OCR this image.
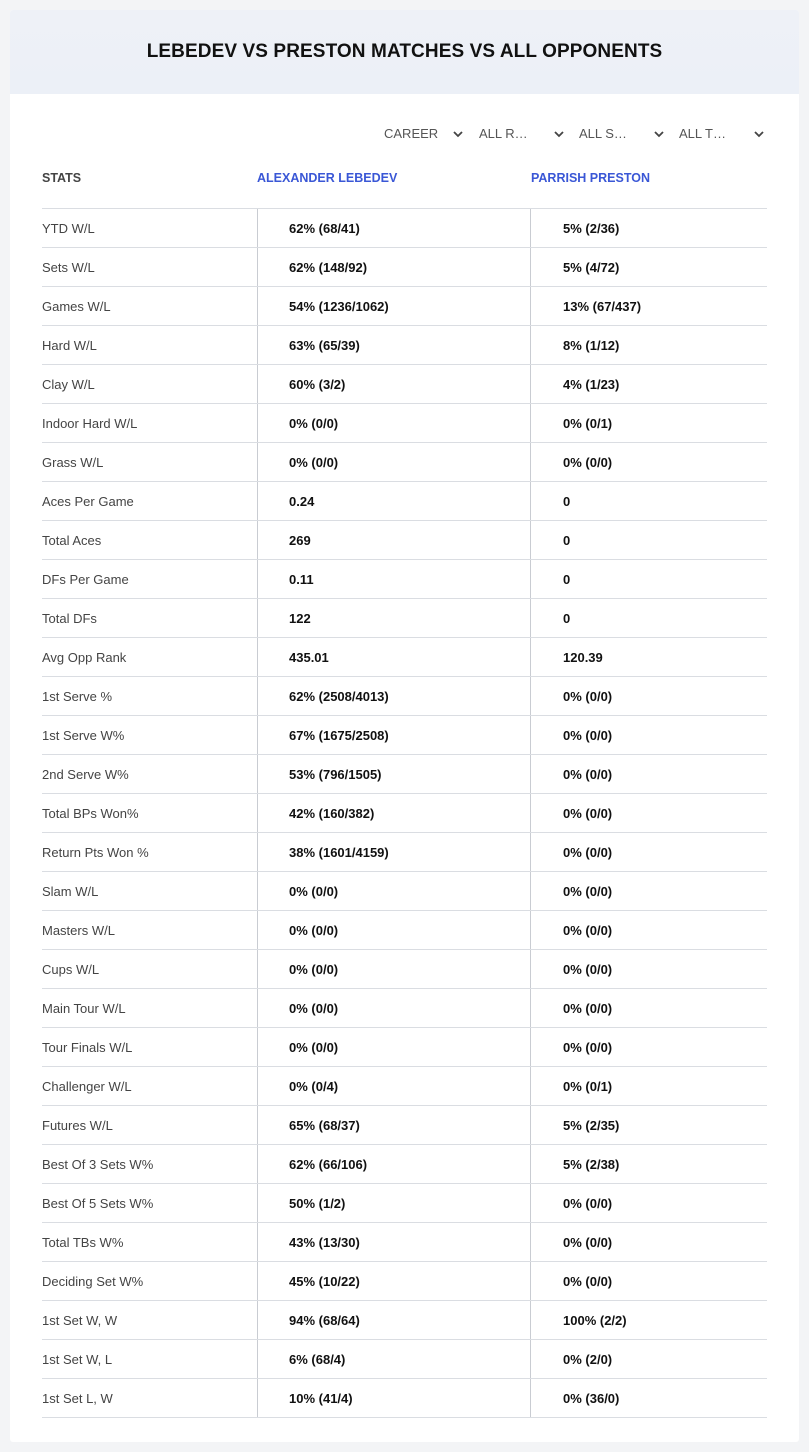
LEBEDEV VS PRESTON MATCHES VS ALL OPPONENTS
CAREER	ALL R…	ALL S…	ALL T…
STATS	ALEXANDER LEBEDEV	PARRISH PRESTON
YTD W/L	62% (68/41)	5% (2/36)
Sets W/L	62% (148/92)	5% (4/72)
Games W/L	54% (1236/1062)	13% (67/437)
Hard W/L	63% (65/39)	8% (1/12)
Clay W/L	60% (3/2)	4% (1/23)
Indoor Hard W/L	0% (0/0)	0% (0/1)
Grass W/L	0% (0/0)	0% (0/0)
Aces Per Game	0.24	0
Total Aces	269	0
DFs Per Game	0.11	0
Total DFs	122	0
Avg Opp Rank	435.01	120.39
1st Serve %	62% (2508/4013)	0% (0/0)
1st Serve W%	67% (1675/2508)	0% (0/0)
2nd Serve W%	53% (796/1505)	0% (0/0)
Total BPs Won%	42% (160/382)	0% (0/0)
Return Pts Won %	38% (1601/4159)	0% (0/0)
Slam W/L	0% (0/0)	0% (0/0)
Masters W/L	0% (0/0)	0% (0/0)
Cups W/L	0% (0/0)	0% (0/0)
Main Tour W/L	0% (0/0)	0% (0/0)
Tour Finals W/L	0% (0/0)	0% (0/0)
Challenger W/L	0% (0/4)	0% (0/1)
Futures W/L	65% (68/37)	5% (2/35)
Best Of 3 Sets W%	62% (66/106)	5% (2/38)
Best Of 5 Sets W%	50% (1/2)	0% (0/0)
Total TBs W%	43% (13/30)	0% (0/0)
Deciding Set W%	45% (10/22)	0% (0/0)
1st Set W, W	94% (68/64)	100% (2/2)
1st Set W, L	6% (68/4)	0% (2/0)
1st Set L, W	10% (41/4)	0% (36/0)
